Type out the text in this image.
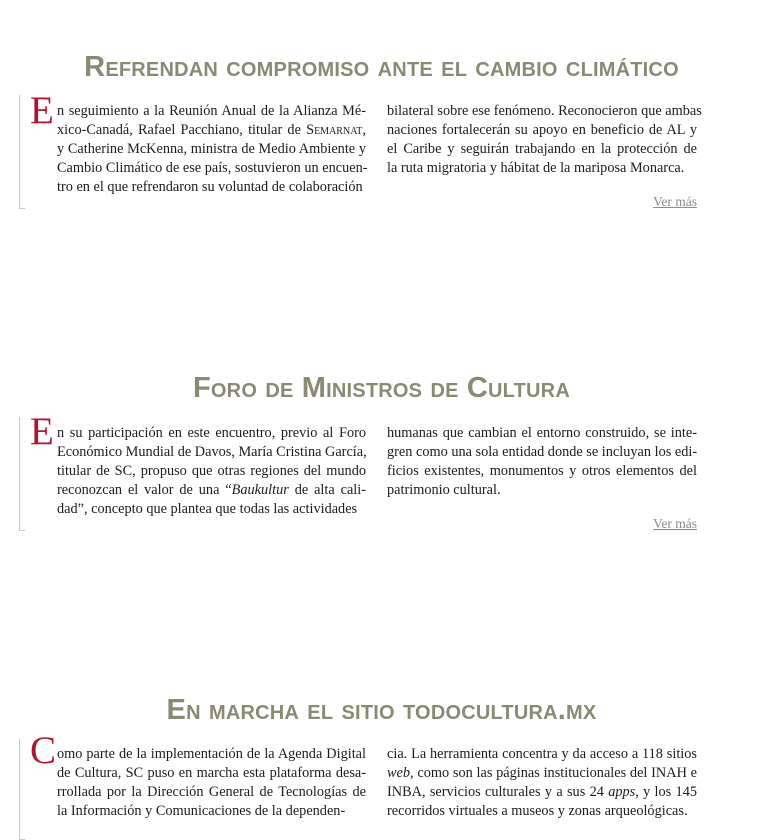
Refrendan compromiso ante el cambio climático
E n seguimiento a la Reunión Anual de la Alianza Mé-
xico-Canadá, Rafael Pacchiano, titular de Semarnat,
y Catherine McKenna, ministra de Medio Ambiente y
Cambio Climático de ese país, sostuvieron un encuen-
tro en el que refrendaron su voluntad de colaboración
bilateral sobre ese fenómeno. Reconocieron que ambas
naciones fortalecerán su apoyo en beneficio de AL y
el Caribe y seguirán trabajando en la protección de
la ruta migratoria y hábitat de la mariposa Monarca.
Ver más
Foro de Ministros de Cultura
E n su participación en este encuentro, previo al Foro
Económico Mundial de Davos, María Cristina García,
titular de SC, propuso que otras regiones del mundo
reconozcan el valor de una “Baukultur de alta cali-
dad”, concepto que plantea que todas las actividades
humanas que cambian el entorno construido, se inte-
gren como una sola entidad donde se incluyan los edi-
ficios existentes, monumentos y otros elementos del
patrimonio cultural.
Ver más
En marcha el sitio todocultura.mx
C omo parte de la implementación de la Agenda Digital
de Cultura, SC puso en marcha esta plataforma desa-
rrollada por la Dirección General de Tecnologías de
la Información y Comunicaciones de la dependen-
cia. La herramienta concentra y da acceso a 118 sitios
web, como son las páginas institucionales del INAH e
INBA, servicios culturales y a sus 24 apps, y los 145
recorridos virtuales a museos y zonas arqueológicas.
